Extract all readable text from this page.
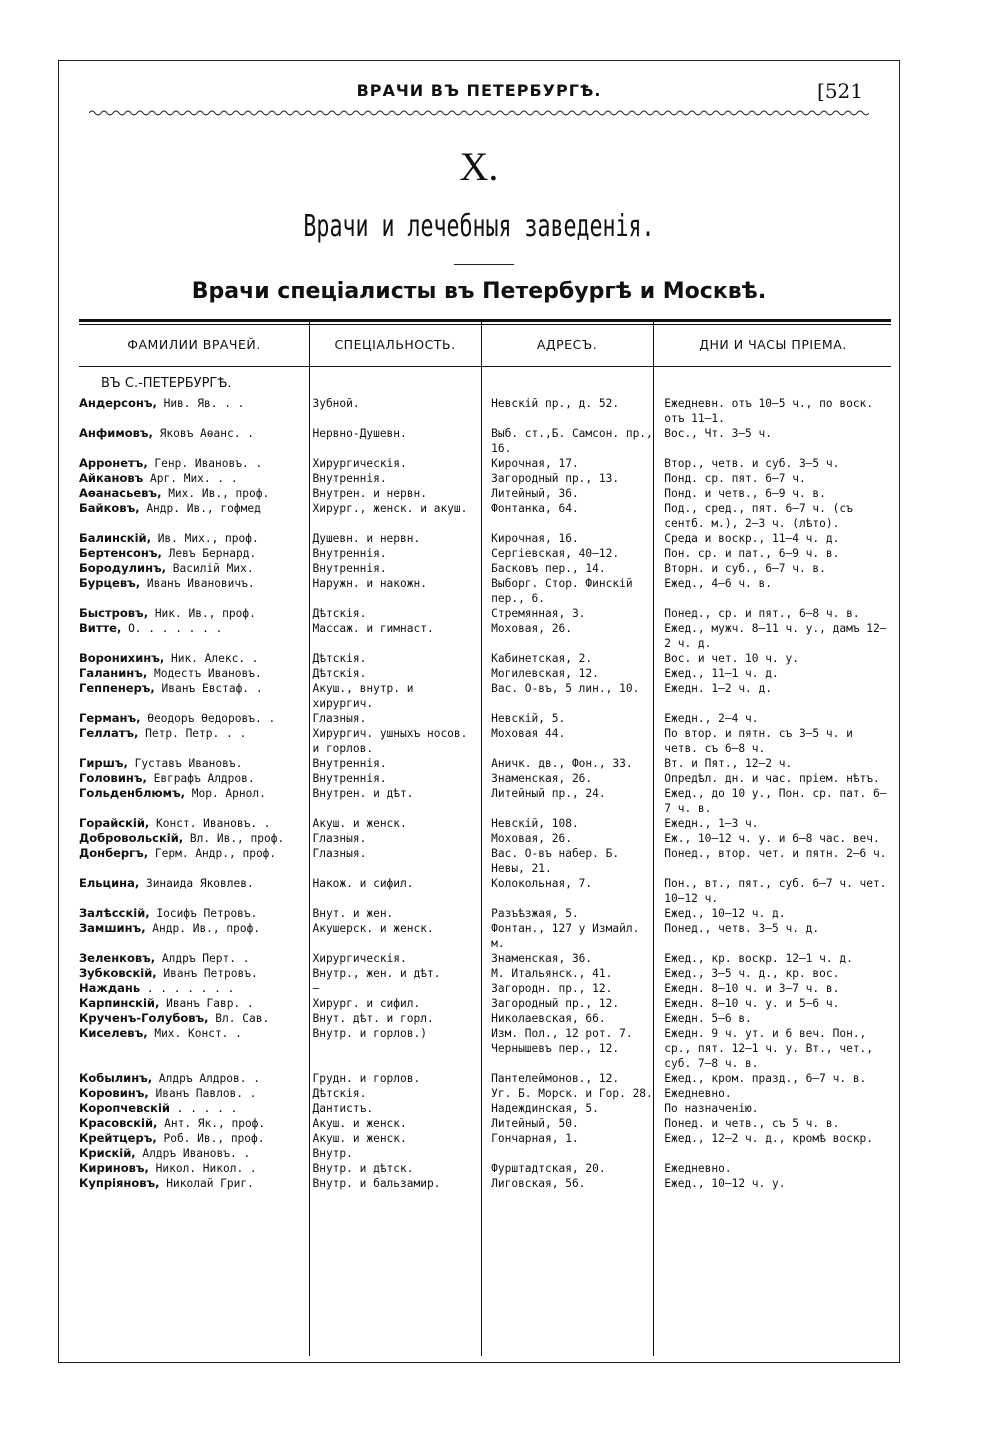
ВРАЧИ ВЪ ПЕТЕРБУРГѢ.	[521
X.
Врачи и лечебныя заведенія.
Врачи спеціалисты въ Петербургѣ и Москвѣ.
ФАМИЛИИ ВРАЧЕЙ.	СПЕЦІАЛЬНОСТЬ.	АДРЕСЪ.	ДНИ И ЧАСЫ ПРІЕМА.
ВЪ С.-ПЕТЕРБУРГѢ.
Андерсонъ, Нив. Яв. . .	Зубной.	Невскій пр., д. 52.	Ежедневн. отъ 10—5 ч., по воск. отъ 11—1.
Анфимовъ, Яковъ Аѳанс. .	Нервно-Душевн.	Выб. ст.,Б. Самсон. пр., 16.	Вос., Чт. 3—5 ч.
Арронетъ, Генр. Ивановъ. .	Хирургическія.	Кирочная, 17.	Втор., четв. и суб. 3—5 ч.
Айкановъ Арг. Мих. . .	Внутреннія.	Загородный пр., 13.	Понд. ср. пят. 6—7 ч.
Аѳанасьевъ, Мих. Ив., проф.	Внутрен. и нервн.	Литейный, 36.	Понд. и четв., 6—9 ч. в.
Байковъ, Андр. Ив., гофмед	Хирург., женск. и акуш.	Фонтанка, 64.	Под., сред., пят. 6—7 ч. (съ сентб. м.), 2—3 ч. (лѣто).
Балинскій, Ив. Мих., проф.	Душевн. и нервн.	Кирочная, 16.	Среда и воскр., 11—4 ч. д.
Бертенсонъ, Левъ Бернард.	Внутреннія.	Сергіевская, 40—12.	Пон. ср. и пат., 6—9 ч. в.
Бородулинъ, Василій Мих.	Внутреннія.	Басковъ пер., 14.	Вторн. и суб., 6—7 ч. в.
Бурцевъ, Иванъ Ивановичъ.	Наружн. и накожн.	Выборг. Стор. Финскій пер., 6.	Ежед., 4—6 ч. в.
Быстровъ, Ник. Ив., проф.	Дѣтскія.	Стремянная, 3.	Понед., ср. и пят., 6—8 ч. в.
Витте, О. . . . . . .	Массаж. и гимнаст.	Моховая, 26.	Ежед., мужч. 8—11 ч. у., дамъ 12—2 ч. д.
Воронихинъ, Ник. Алекс. .	Дѣтскія.	Кабинетская, 2.	Вос. и чет. 10 ч. у.
Галанинъ, Модестъ Ивановъ.	Дѣтскія.	Могилевская, 12.	Ежед., 11—1 ч. д.
Геппенеръ, Иванъ Евстаф. .	Акуш., внутр. и хирургич.	Вас. О-въ, 5 лин., 10.	Ежедн. 1—2 ч. д.
Германъ, Ѳеодоръ Ѳедоровъ. .	Глазныя.	Невскій, 5.	Ежедн., 2—4 ч.
Геллатъ, Петр. Петр. . .	Хирургич. ушныхъ носов. и горлов.	Моховая 44.	По втор. и пятн. съ 3—5 ч. и четв. съ 6—8 ч.
Гиршъ, Густавъ Ивановъ.	Внутреннія.	Аничк. дв., Фон., 33.	Вт. и Пят., 12—2 ч.
Головинъ, Евграфъ Алдров.	Внутреннія.	Знаменская, 26.	Опредѣл. дн. и час. пріем. нѣтъ.
Гольденблюмъ, Мор. Арнол.	Внутрен. и дѣт.	Литейный пр., 24.	Ежед., до 10 у., Пон. ср. пат. 6—7 ч. в.
Горайскій, Конст. Ивановъ. .	Акуш. и женск.	Невскій, 108.	Ежедн., 1—3 ч.
Добровольскій, Вл. Ив., проф.	Глазныя.	Моховая, 26.	Еж., 10—12 ч. у. и 6—8 час. веч.
Донбергъ, Герм. Андр., проф.	Глазныя.	Вас. О-въ набер. Б. Невы, 21.	Понед., втор. чет. и пятн. 2—6 ч.
Ельцина, Зинаида Яковлев.	Накож. и сифил.	Колокольная, 7.	Пон., вт., пят., суб. 6—7 ч. чет. 10—12 ч.
Залѣсскій, Іосифъ Петровъ.	Внут. и жен.	Разъѣзжая, 5.	Ежед., 10—12 ч. д.
Замшинъ, Андр. Ив., проф.	Акушерск. и женск.	Фонтан., 127 у Измайл. м.	Понед., четв. 3—5 ч. д.
Зеленковъ, Алдръ Перт. .	Хирургическія.	Знаменская, 36.	Ежед., кр. воскр. 12—1 ч. д.
Зубковскій, Иванъ Петровъ.	Внутр., жен. и дѣт.	М. Итальянск., 41.	Ежед., 3—5 ч. д., кр. вос.
Наждань . . . . . . .	—	Загородн. пр., 12.	Ежедн. 8—10 ч. и 3—7 ч. в.
Карпинскій, Иванъ Гавр. .	Хирург. и сифил.	Загородный пр., 12.	Ежедн. 8—10 ч. у. и 5—6 ч.
Крученъ-Голубовъ, Вл. Сав.	Внут. дѣт. и горл.	Николаевская, 66.	Ежедн. 5—6 в.
Киселевъ, Мих. Конст. .	Внутр. и горлов.)	Изм. Пол., 12 рот. 7. Чернышевъ пер., 12.	Ежедн. 9 ч. ут. и 6 веч. Пон., ср., пят. 12—1 ч. у. Вт., чет., суб. 7—8 ч. в.
Кобылинъ, Алдръ Алдров. .	Грудн. и горлов.	Пантелеймонов., 12.	Ежед., кром. празд., 6—7 ч. в.
Коровинъ, Иванъ Павлов. .	Дѣтскія.	Уг. Б. Морск. и Гор. 28.	Ежедневно.
Коропчевскій . . . . .	Дантистъ.	Надеждинская, 5.	По назначенію.
Красовскій, Ант. Як., проф.	Акуш. и женск.	Литейный, 50.	Понед. и четв., съ 5 ч. в.
Крейтцеръ, Роб. Ив., проф.	Акуш. и женск.	Гончарная, 1.	Ежед., 12—2 ч. д., кромѣ воскр.
Крискій, Алдръ Ивановъ. .	Внутр.		
Кириновъ, Никол. Никол. .	Внутр. и дѣтск.	Фурштадтская, 20.	Ежедневно.
Купріяновъ, Николай Григ.	Внутр. и бальзамир.	Лиговская, 56.	Ежед., 10—12 ч. у.
